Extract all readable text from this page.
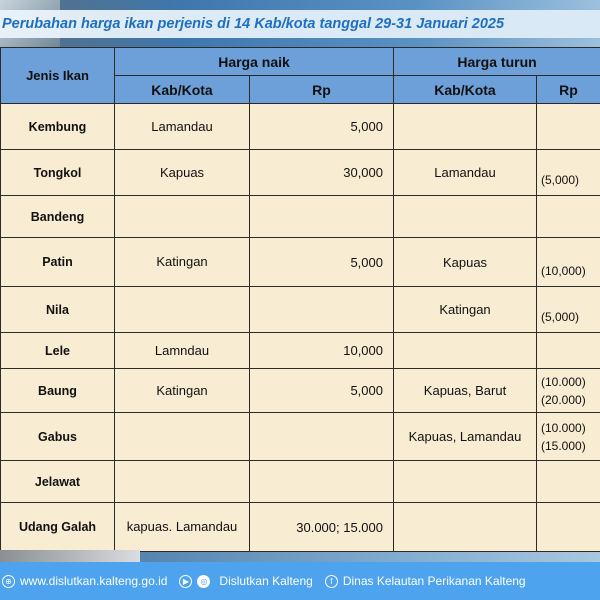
Perubahan harga ikan perjenis di 14 Kab/kota tanggal 29-31 Januari 2025
Jenis Ikan	Harga naik		Harga turun	
	Kab/Kota	Rp	Kab/Kota	Rp
Kembung	Lamandau	5,000		
Tongkol	Kapuas	30,000	Lamandau	(5,000)
Bandeng				
Patin	Katingan	5,000	Kapuas	(10,000)
Nila			Katingan	(5,000)
Lele	Lamndau	10,000		
Baung	Katingan	5,000	Kapuas, Barut	(10.000) (20.000)
Gabus			Kapuas, Lamandau	(10.000) (15.000)
Jelawat				
Udang Galah	kapuas. Lamandau	30.000; 15.000		
⊕ www.dislutkan.kalteng.go.id	▶	◎ Dislutkan Kalteng	f Dinas Kelautan Perikanan Kalteng
